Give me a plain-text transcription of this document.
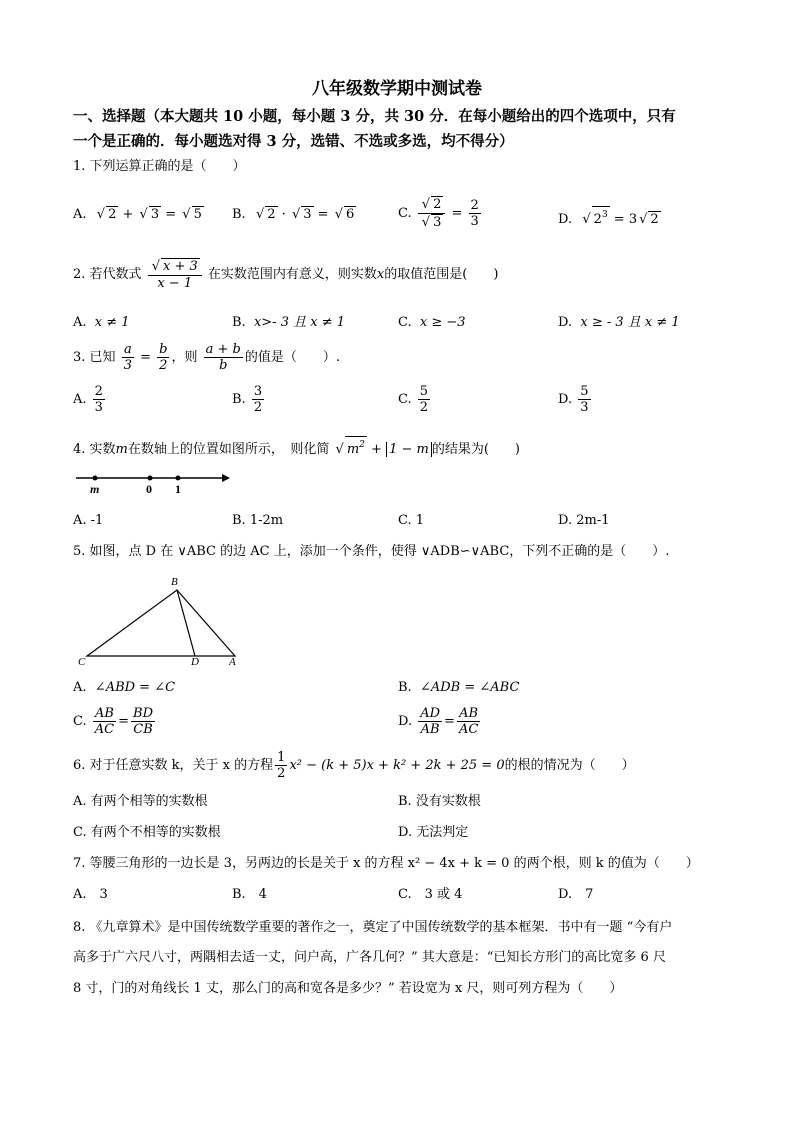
八年级数学期中测试卷
一、选择题（本大题共 10 小题，每小题 3 分，共 30 分．在每小题给出的四个选项中，只有
一个是正确的．每小题选对得 3 分，选错、不选或多选，均不得分）
1. 下列运算正确的是（　　）
A. √ 2 + √ 3 = √ 5 B. √ 2 · √ 3 = √ 6	C. $\frac{√ 2}{√ 3} = \frac{2}{3}$	D. √ $2^3 = 3$ √ 2
2. 若代数式 $\frac{√ x + 3}{x - 1}$ 在实数范围内有意义，则实数x的取值范围是(　　)
A. x ≠ 1	B. x>- 3 且 x ≠ 1	C. x ≥ −3	D. x ≥ - 3 且 x ≠ 1
3. 已知 $\frac{a}{3} = \frac{b}{2}$ ，则 $\frac{a + b}{b}$ 的值是（　　）.
A. $\frac{2}{3}$	B. $\frac{3}{2}$	C. $\frac{5}{2}$	D. $\frac{5}{3}$
4. 实数m在数轴上的位置如图所示，　则化简 √ $m^2 + 1 - m$ 的结果为(　　)
m	0 1
A. -1	B. 1-2m	C. 1	D. 2m-1
5. 如图，点 D 在 ∨ABC 的边 AC 上，添加一个条件，使得 ∨ADB∽∨ABC，下列不正确的是（　　）.
B
C	D	A
A. ∠ABD = ∠C	B. ∠ADB = ∠ABC
C. $\frac{AB}{AC} = \frac{BD}{CB}$	D. $\frac{AD}{AB} = \frac{AB}{AC}$
6. 对于任意实数 k，关于 x 的方程 $\frac{1}{2} x^2 - (k + 5)x + k^2 + 2k + 25 = 0$的根的情况为（　　）
A. 有两个相等的实数根	B. 没有实数根
C. 有两个不相等的实数根	D. 无法判定
7. 等腰三角形的一边长是 3，另两边的长是关于 x 的方程 x² − 4x + k = 0 的两个根，则 k 的值为（　　）
A.　3	B.　4	C.　3 或 4	D.　7
8. 《九章算术》是中国传统数学重要的著作之一，奠定了中国传统数学的基本框架．书中有一题 “今有户
高多于广六尺八寸，两隅相去适一丈，问户高，广各几何？” 其大意是：“已知长方形门的高比宽多 6 尺
8 寸，门的对角线长 1 丈，那么门的高和宽各是多少？” 若设宽为 x 尺，则可列方程为（　　）
